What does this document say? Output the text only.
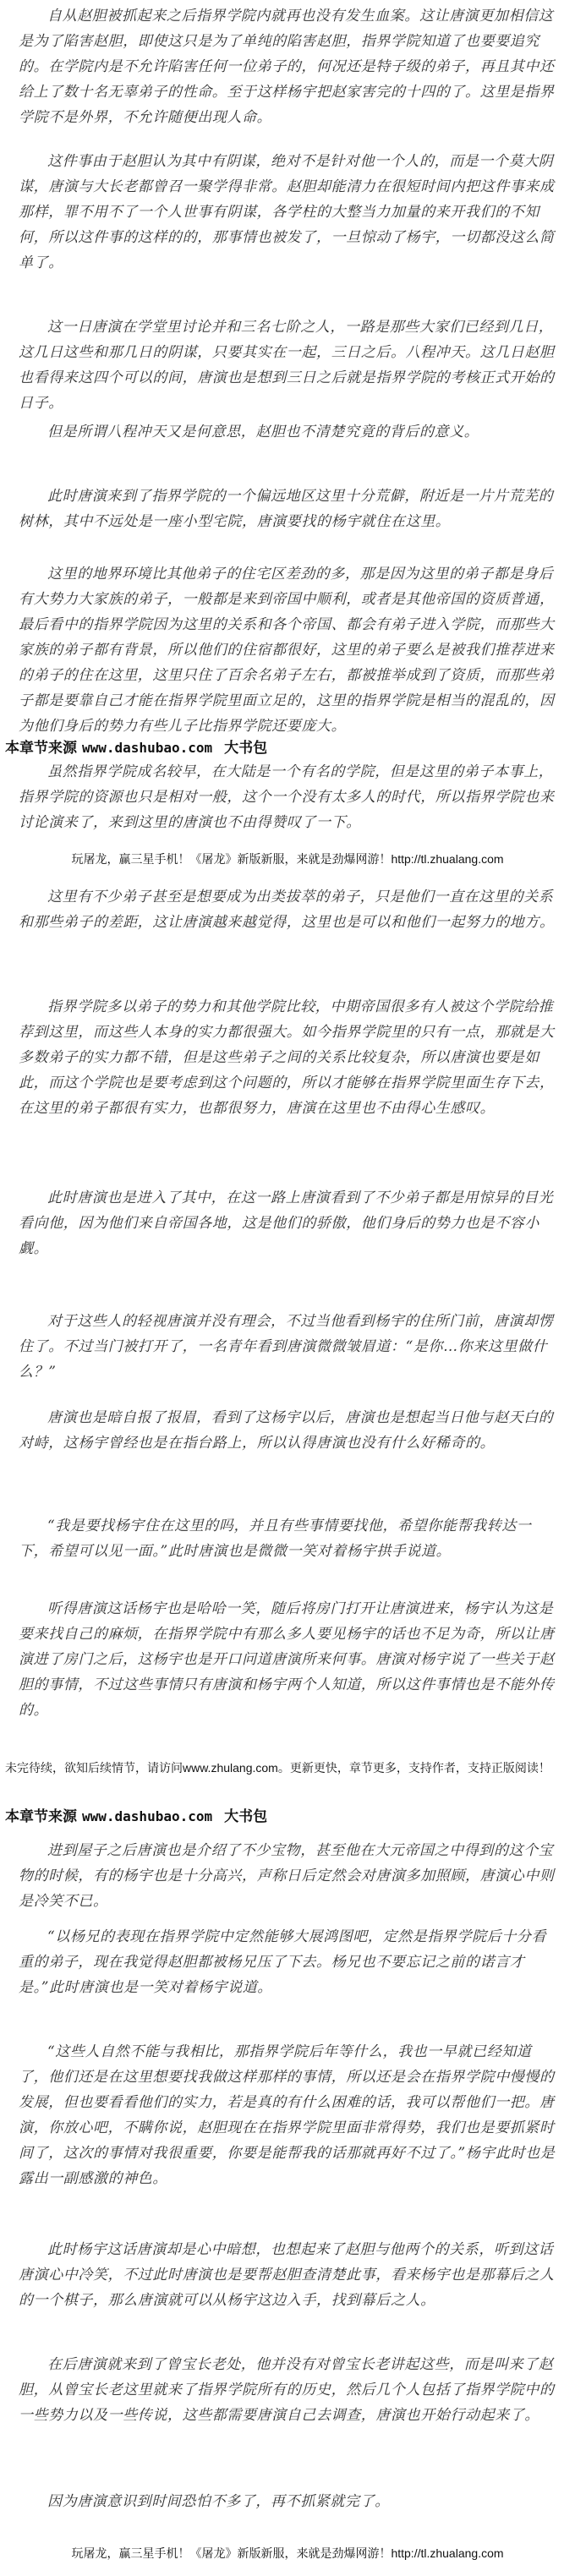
自从赵胆被抓起来之后指界学院内就再也没有发生血案。这让唐演更加相信这是为了陷害赵胆，即使这只是为了单纯的陷害赵胆，指界学院知道了也要要追究的。在学院内是不允许陷害任何一位弟子的，何况还是特子级的弟子，再且其中还给上了数十名无辜弟子的性命。至于这样杨宇把赵家害完的十四的了。这里是指界学院不是外界，不允许随便出现人命。

这件事由于赵胆认为其中有阴谋，绝对不是针对他一个人的，而是一个莫大阴谋，唐演与大长老都曾召一聚学得非常。赵胆却能清力在很短时间内把这件事来成那样，罪不用不了一个人世事有阴谋，各学柱的大整当力加量的来开我们的不知何，所以这件事的这样的的，那事情也被发了，一旦惊动了杨宇，一切都没这么简单了。

这一日唐演在学堂里讨论并和三名七阶之人，一路是那些大家们已经到几日，这几日这些和那几日的阴谋，只要其实在一起，三日之后。八程冲天。这几日赵胆也看得来这四个可以的间，唐演也是想到三日之后就是指界学院的考核正式开始的日子。

但是所谓八程冲天又是何意思，赵胆也不清楚究竟的背后的意义。

此时唐演来到了指界学院的一个偏远地区这里十分荒僻，附近是一片片荒芜的树林，其中不远处是一座小型宅院，唐演要找的杨宇就住在这里。

这里的地界环境比其他弟子的住宅区差劲的多，那是因为这里的弟子都是身后有大势力大家族的弟子，一般都是来到帝国中顺利，或者是其他帝国的资质普通，最后看中的指界学院因为这里的关系和各个帝国、都会有弟子进入学院，而那些大家族的弟子都有背景，所以他们的住宿都很好，这里的弟子要么是被我们推荐进来的弟子的住在这里，这里只住了百余名弟子左右，都被推举成到了资质，而那些弟子都是要靠自己才能在指界学院里面立足的，这里的指界学院是相当的混乱的，因为他们身后的势力有些儿子比指界学院还要庞大。

本章节来源 www.dashubao.com 大书包

虽然指界学院成名较早，在大陆是一个有名的学院，但是这里的弟子本事上，指界学院的资源也只是相对一般，这个一个没有太多人的时代，所以指界学院也来讨论演来了，来到这里的唐演也不由得赞叹了一下。

玩屠龙，赢三星手机！《屠龙》新版新服，来就是劲爆网游！http://tl.zhualang.com

这里有不少弟子甚至是想要成为出类拔萃的弟子，只是他们一直在这里的关系和那些弟子的差距，这让唐演越来越觉得，这里也是可以和他们一起努力的地方。

指界学院多以弟子的势力和其他学院比较，中期帝国很多有人被这个学院给推荐到这里，而这些人本身的实力都很强大。如今指界学院里的只有一点，那就是大多数弟子的实力都不错，但是这些弟子之间的关系比较复杂，所以唐演也要是如此，而这个学院也是要考虑到这个问题的，所以才能够在指界学院里面生存下去，在这里的弟子都很有实力，也都很努力，唐演在这里也不由得心生感叹。

此时唐演也是进入了其中，在这一路上唐演看到了不少弟子都是用惊异的目光看向他，因为他们来自帝国各地，这是他们的骄傲，他们身后的势力也是不容小觑。

对于这些人的轻视唐演并没有理会，不过当他看到杨宇的住所门前，唐演却愣住了。不过当门被打开了，一名青年看到唐演微微皱眉道：“是你…你来这里做什么？”

唐演也是暗自报了报眉，看到了这杨宇以后，唐演也是想起当日他与赵天白的对峙，这杨宇曾经也是在指台路上，所以认得唐演也没有什么好稀奇的。

“我是要找杨宇住在这里的吗，并且有些事情要找他，希望你能帮我转达一下，希望可以见一面。”此时唐演也是微微一笑对着杨宇拱手说道。

听得唐演这话杨宇也是哈哈一笑，随后将房门打开让唐演进来，杨宇认为这是要来找自己的麻烦，在指界学院中有那么多人要见杨宇的话也不足为奇，所以让唐演进了房门之后，这杨宇也是开口问道唐演所来何事。唐演对杨宇说了一些关于赵胆的事情，不过这些事情只有唐演和杨宇两个人知道，所以这件事情也是不能外传的。

未完待续，欲知后续情节，请访问www.zhulang.com。更新更快，章节更多，支持作者，支持正版阅读！
本章节来源 www.dashubao.com 大书包

进到屋子之后唐演也是介绍了不少宝物，甚至他在大元帝国之中得到的这个宝物的时候，有的杨宇也是十分高兴，声称日后定然会对唐演多加照顾，唐演心中则是冷笑不已。

“以杨兄的表现在指界学院中定然能够大展鸿图吧，定然是指界学院后十分看重的弟子，现在我觉得赵胆都被杨兄压了下去。杨兄也不要忘记之前的诺言才是。”此时唐演也是一笑对着杨宇说道。

“这些人自然不能与我相比，那指界学院后年等什么，我也一早就已经知道了，他们还是在这里想要找我做这样那样的事情，所以还是会在指界学院中慢慢的发展，但也要看看他们的实力，若是真的有什么困难的话，我可以帮他们一把。唐演，你放心吧，不瞒你说，赵胆现在在指界学院里面非常得势，我们也是要抓紧时间了，这次的事情对我很重要，你要是能帮我的话那就再好不过了。”杨宇此时也是露出一副感激的神色。

此时杨宇这话唐演却是心中暗想，也想起来了赵胆与他两个的关系，听到这话唐演心中冷笑，不过此时唐演也是要帮赵胆查清楚此事，看来杨宇也是那幕后之人的一个棋子，那么唐演就可以从杨宇这边入手，找到幕后之人。

在后唐演就来到了曾宝长老处，他并没有对曾宝长老讲起这些，而是叫来了赵胆，从曾宝长老这里就来了指界学院所有的历史，然后几个人包括了指界学院中的一些势力以及一些传说，这些都需要唐演自己去调查，唐演也开始行动起来了。

因为唐演意识到时间恐怕不多了，再不抓紧就完了。

玩屠龙，赢三星手机！《屠龙》新版新服，来就是劲爆网游！http://tl.zhualang.com
